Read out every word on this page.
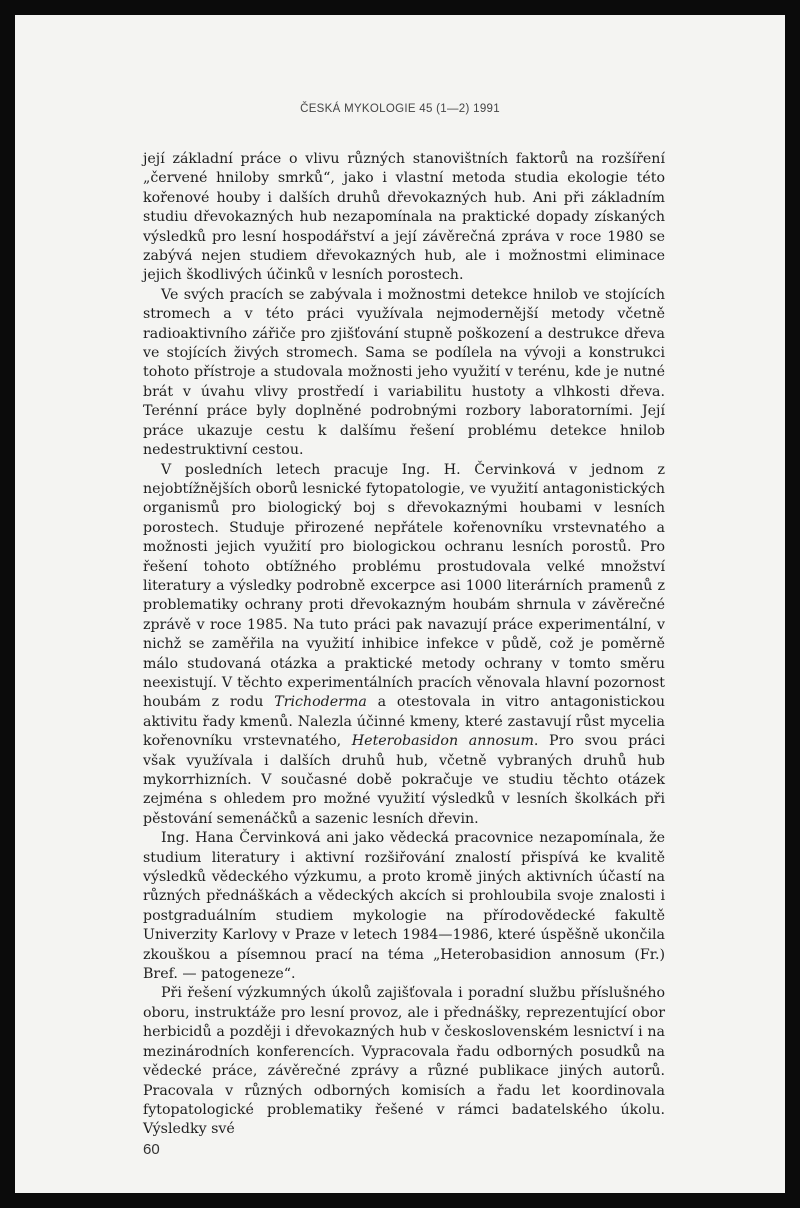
ČESKÁ MYKOLOGIE 45 (1—2) 1991

její základní práce o vlivu různých stanovištních faktorů na rozšíření „červené hniloby smrků“, jako i vlastní metoda studia ekologie této kořenové houby i dalších druhů dřevokazných hub. Ani při základním studiu dřevokazných hub nezapomínala na praktické dopady získaných výsledků pro lesní hospodářství a její závěrečná zpráva v roce 1980 se zabývá nejen studiem dřevokazných hub, ale i možnostmi eliminace jejich škodlivých účinků v lesních porostech.

Ve svých pracích se zabývala i možnostmi detekce hnilob ve stojících stromech a v této práci využívala nejmodernější metody včetně radioaktivního zářiče pro zjišťování stupně poškození a destrukce dřeva ve stojících živých stromech. Sama se podílela na vývoji a konstrukci tohoto přístroje a studovala možnosti jeho využití v terénu, kde je nutné brát v úvahu vlivy prostředí i variabilitu hustoty a vlhkosti dřeva. Terénní práce byly doplněné podrobnými rozbory laboratorními. Její práce ukazuje cestu k dalšímu řešení problému detekce hnilob nedestruktivní cestou.

V posledních letech pracuje Ing. H. Červinková v jednom z nejobtížnějších oborů lesnické fytopatologie, ve využití antagonistických organismů pro biologický boj s dřevokaznými houbami v lesních porostech. Studuje přirozené nepřátele kořenovníku vrstevnatého a možnosti jejich využití pro biologickou ochranu lesních porostů. Pro řešení tohoto obtížného problému prostudovala velké množství literatury a výsledky podrobně excerpce asi 1000 literárních pramenů z problematiky ochrany proti dřevokazným houbám shrnula v závěrečné zprávě v roce 1985. Na tuto práci pak navazují práce experimentální, v nichž se zaměřila na využití inhibice infekce v půdě, což je poměrně málo studovaná otázka a praktické metody ochrany v tomto směru neexistují. V těchto experimentálních pracích věnovala hlavní pozornost houbám z rodu Trichoderma a otestovala in vitro antagonistickou aktivitu řady kmenů. Nalezla účinné kmeny, které zastavují růst mycelia kořenovníku vrstevnatého, Heterobasidon annosum. Pro svou práci však využívala i dalších druhů hub, včetně vybraných druhů hub mykorrhizních. V současné době pokračuje ve studiu těchto otázek zejména s ohledem pro možné využití výsledků v lesních školkách při pěstování semenáčků a sazenic lesních dřevin.

Ing. Hana Červinková ani jako vědecká pracovnice nezapomínala, že studium literatury i aktivní rozšiřování znalostí přispívá ke kvalitě výsledků vědeckého výzkumu, a proto kromě jiných aktivních účastí na různých přednáškách a vědeckých akcích si prohloubila svoje znalosti i postgraduálním studiem mykologie na přírodovědecké fakultě Univerzity Karlovy v Praze v letech 1984—1986, které úspěšně ukončila zkouškou a písemnou prací na téma „Heterobasidion annosum (Fr.) Bref. — patogeneze“.

Při řešení výzkumných úkolů zajišťovala i poradní službu příslušného oboru, instruktáže pro lesní provoz, ale i přednášky, reprezentující obor herbicidů a později i dřevokazných hub v československém lesnictví i na mezinárodních konferencích. Vypracovala řadu odborných posudků na vědecké práce, závěrečné zprávy a různé publikace jiných autorů. Pracovala v různých odborných komisích a řadu let koordinovala fytopatologické problematiky řešené v rámci badatelského úkolu. Výsledky své

60
